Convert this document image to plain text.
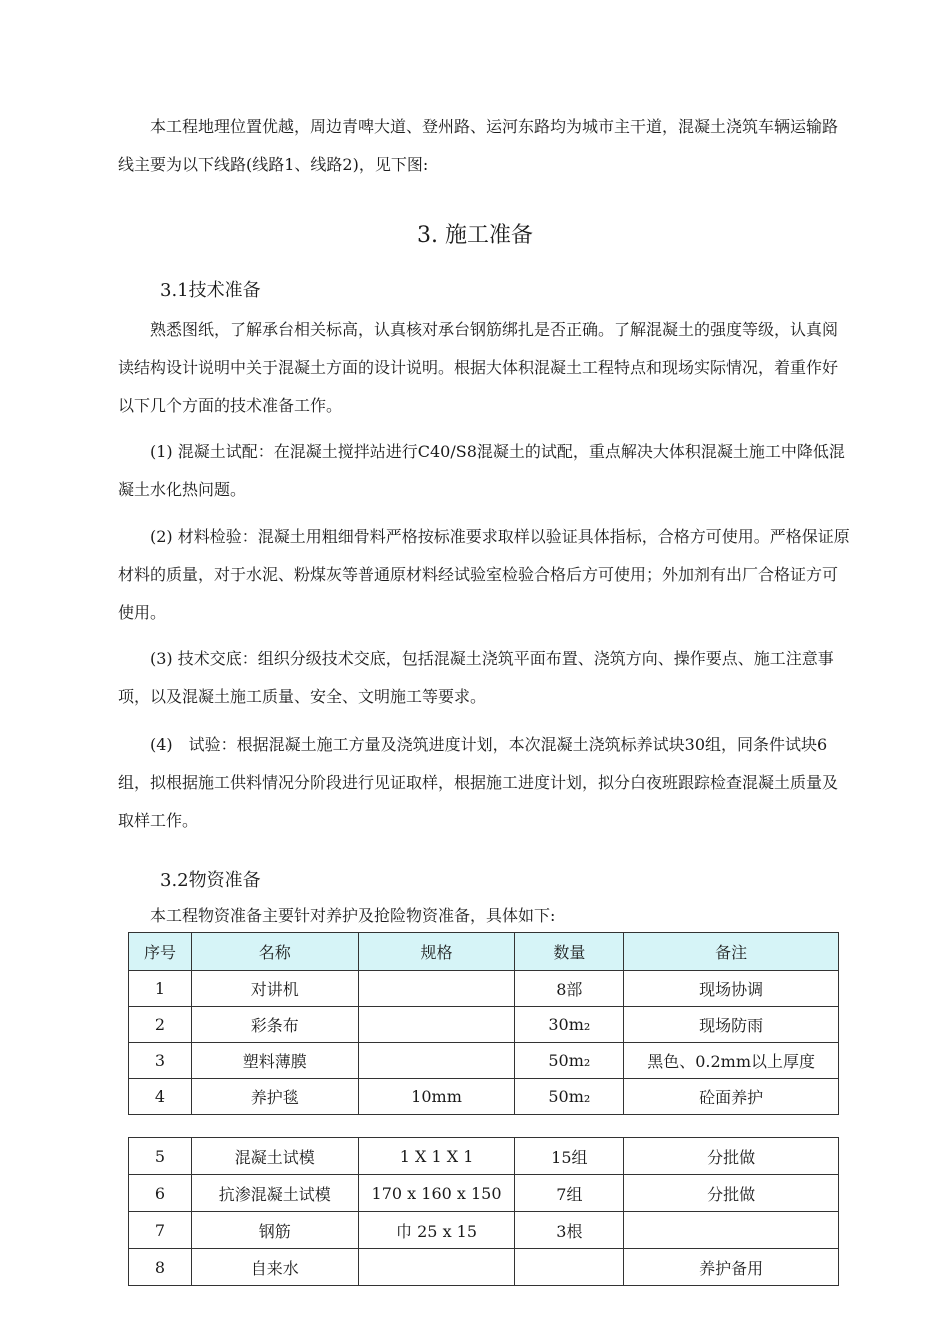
　　本工程地理位置优越，周边青啤大道、登州路、运河东路均为城市主干道，混凝土浇筑车辆运输路线主要为以下线路(线路1、线路2)，见下图:

3. 施工准备
3.1技术准备

　　熟悉图纸，了解承台相关标高，认真核对承台钢筋绑扎是否正确。了解混凝土的强度等级，认真阅读结构设计说明中关于混凝土方面的设计说明。根据大体积混凝土工程特点和现场实际情况，着重作好以下几个方面的技术准备工作。

　　(1) 混凝土试配：在混凝土搅拌站进行C40/S8混凝土的试配，重点解决大体积混凝土施工中降低混凝土水化热问题。

　　(2) 材料检验：混凝土用粗细骨料严格按标准要求取样以验证具体指标，合格方可使用。严格保证原材料的质量，对于水泥、粉煤灰等普通原材料经试验室检验合格后方可使用；外加剂有出厂合格证方可使用。

　　(3) 技术交底：组织分级技术交底，包括混凝土浇筑平面布置、浇筑方向、操作要点、施工注意事项，以及混凝土施工质量、安全、文明施工等要求。

　　(4)　试验：根据混凝土施工方量及浇筑进度计划，本次混凝土浇筑标养试块30组，同条件试块6组，拟根据施工供料情况分阶段进行见证取样，根据施工进度计划，拟分白夜班跟踪检查混凝土质量及取样工作。

3.2物资准备

　　本工程物资准备主要针对养护及抢险物资准备，具体如下:

序号	名称	规格	数量	备注
1	对讲机		8部	现场协调
2	彩条布		30m₂	现场防雨
3	塑料薄膜		50m₂	黑色、0.2mm以上厚度
4	养护毯	10mm	50m₂	砼面养护
5	混凝土试模	1 X 1 X 1	15组	分批做
6	抗渗混凝土试模	170 x 160 x 150	7组	分批做
7	钢筋	巾 25 x 15	3根	
8	自来水			养护备用
